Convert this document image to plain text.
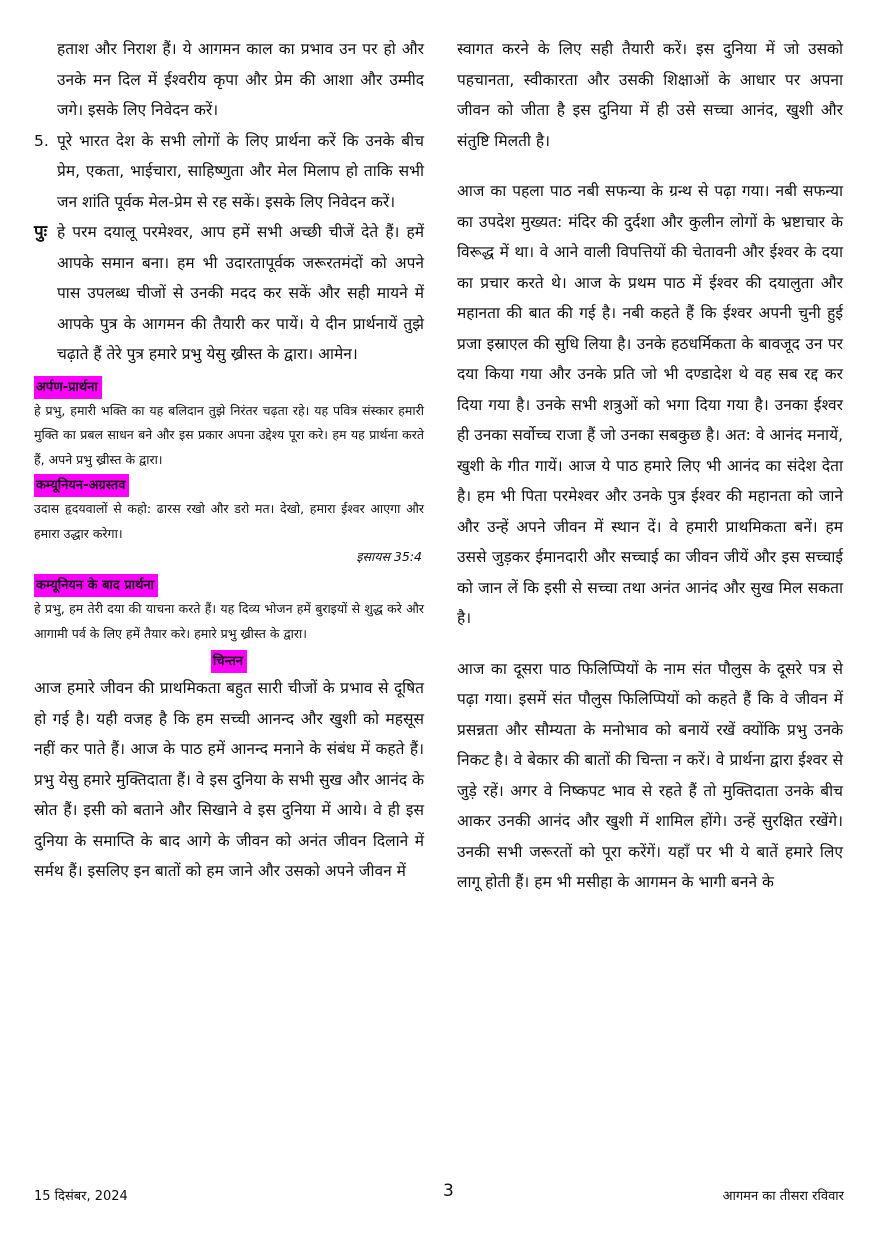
हताश और निराश हैं। ये आगमन काल का प्रभाव उन पर हो और उनके मन दिल में ईश्वरीय कृपा और प्रेम की आशा और उम्मीद जगे। इसके लिए निवेदन करें।

5. पूरे भारत देश के सभी लोगों के लिए प्रार्थना करें कि उनके बीच प्रेम, एकता, भाईचारा, साहिष्णुता और मेल मिलाप हो ताकि सभी जन शांति पूर्वक मेल-प्रेम से रह सकें। इसके लिए निवेदन करें।

पुः हे परम दयालू परमेश्वर, आप हमें सभी अच्छी चीजें देते हैं। हमें आपके समान बना। हम भी उदारतापूर्वक जरूरतमंदों को अपने पास उपलब्ध चीजों से उनकी मदद कर सकें और सही मायने में आपके पुत्र के आगमन की तैयारी कर पायें। ये दीन प्रार्थनायें तुझे चढ़ाते हैं तेरे पुत्र हमारे प्रभु येसु ख्रीस्त के द्वारा। आमेन।

अर्पण-प्रार्थना

हे प्रभु, हमारी भक्ति का यह बलिदान तुझे निरंतर चढ़ता रहे। यह पवित्र संस्कार हमारी मुक्ति का प्रबल साधन बने और इस प्रकार अपना उद्देश्य पूरा करे। हम यह प्रार्थना करते हैं, अपने प्रभु ख्रीस्त के द्वारा।

कम्यूनियन-अग्रस्तव

उदास हृदयवालों से कहो: ढारस रखो और डरो मत। देखो, हमारा ईश्वर आएगा और हमारा उद्धार करेगा।

इसायस 35:4

कम्यूनियन के बाद प्रार्थना

हे प्रभु, हम तेरी दया की याचना करते हैं। यह दिव्य भोजन हमें बुराइयों से शुद्ध करे और आगामी पर्व के लिए हमें तैयार करे। हमारे प्रभु ख्रीस्त के द्वारा।

चिन्तन

आज हमारे जीवन की प्राथमिकता बहुत सारी चीजों के प्रभाव से दूषित हो गई है। यही वजह है कि हम सच्ची आनन्द और खुशी को महसूस नहीं कर पाते हैं। आज के पाठ हमें आनन्द मनाने के संबंध में कहते हैं। प्रभु येसु हमारे मुक्तिदाता हैं। वे इस दुनिया के सभी सुख और आनंद के स्रोत हैं। इसी को बताने और सिखाने वे इस दुनिया में आये। वे ही इस दुनिया के समाप्ति के बाद आगे के जीवन को अनंत जीवन दिलाने में सर्मथ हैं। इसलिए इन बातों को हम जाने और उसको अपने जीवन में

स्वागत करने के लिए सही तैयारी करें। इस दुनिया में जो उसको पहचानता, स्वीकारता और उसकी शिक्षाओं के आधार पर अपना जीवन को जीता है इस दुनिया में ही उसे सच्चा आनंद, खुशी और संतुष्टि मिलती है।

आज का पहला पाठ नबी सफन्या के ग्रन्थ से पढ़ा गया। नबी सफन्या का उपदेश मुख्यत: मंदिर की दुर्दशा और कुलीन लोगों के भ्रष्टाचार के विरूद्ध में था। वे आने वाली विपत्तियों की चेतावनी और ईश्वर के दया का प्रचार करते थे। आज के प्रथम पाठ में ईश्वर की दयालुता और महानता की बात की गई है। नबी कहते हैं कि ईश्वर अपनी चुनी हुई प्रजा इस्राएल की सुधि लिया है। उनके हठधर्मिकता के बावजूद उन पर दया किया गया और उनके प्रति जो भी दण्डादेश थे वह सब रद्द कर दिया गया है। उनके सभी शत्रुओं को भगा दिया गया है। उनका ईश्वर ही उनका सर्वोच्च राजा हैं जो उनका सबकुछ है। अत: वे आनंद मनायें, खुशी के गीत गायें। आज ये पाठ हमारे लिए भी आनंद का संदेश देता है। हम भी पिता परमेश्वर और उनके पुत्र ईश्वर की महानता को जाने और उन्हें अपने जीवन में स्थान दें। वे हमारी प्राथमिकता बनें। हम उससे जुड़कर ईमानदारी और सच्चाई का जीवन जीयें और इस सच्चाई को जान लें कि इसी से सच्चा तथा अनंत आनंद और सुख मिल सकता है।

आज का दूसरा पाठ फिलिप्पियों के नाम संत पौलुस के दूसरे पत्र से पढ़ा गया। इसमें संत पौलुस फिलिप्पियों को कहते हैं कि वे जीवन में प्रसन्नता और सौम्यता के मनोभाव को बनायें रखें क्योंकि प्रभु उनके निकट है। वे बेकार की बातों की चिन्ता न करें। वे प्रार्थना द्वारा ईश्वर से जुड़े रहें। अगर वे निष्कपट भाव से रहते हैं तो मुक्तिदाता उनके बीच आकर उनकी आनंद और खुशी में शामिल होंगे। उन्हें सुरक्षित रखेंगे। उनकी सभी जरूरतों को पूरा करेंगें। यहाँ पर भी ये बातें हमारे लिए लागू होती हैं। हम भी मसीहा के आगमन के भागी बनने के

15 दिसंबर, 2024	3	आगमन का तीसरा रविवार
